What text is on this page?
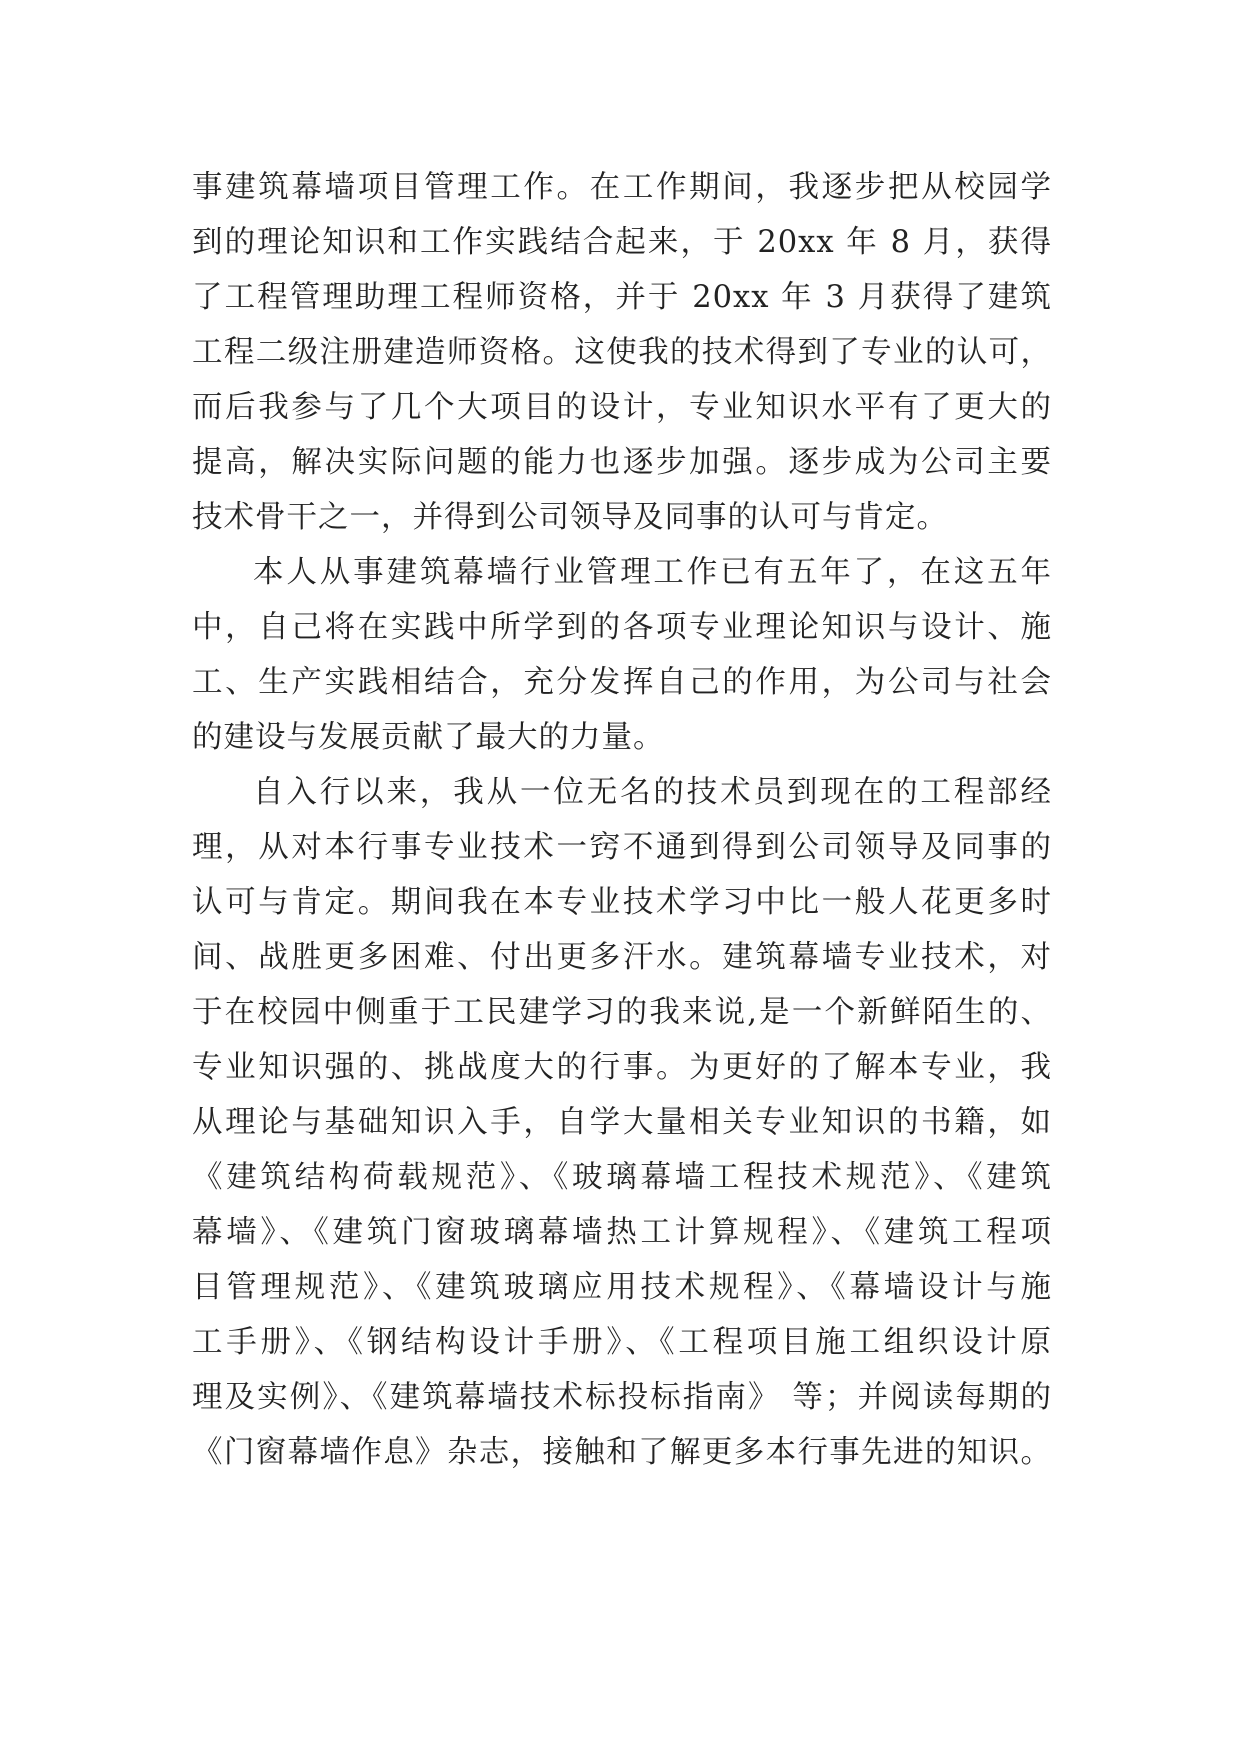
事建筑幕墙项目管理工作。在工作期间，我逐步把从校园学
到的理论知识和工作实践结合起来，于 20xx 年 8 月，获得
了工程管理助理工程师资格，并于 20xx 年 3 月获得了建筑
工程二级注册建造师资格。这使我的技术得到了专业的认可，
而后我参与了几个大项目的设计，专业知识水平有了更大的
提高，解决实际问题的能力也逐步加强。逐步成为公司主要
技术骨干之一，并得到公司领导及同事的认可与肯定。
本人从事建筑幕墙行业管理工作已有五年了，在这五年
中，自己将在实践中所学到的各项专业理论知识与设计、施
工、生产实践相结合，充分发挥自己的作用，为公司与社会
的建设与发展贡献了最大的力量。
自入行以来，我从一位无名的技术员到现在的工程部经
理，从对本行事专业技术一窍不通到得到公司领导及同事的
认可与肯定。期间我在本专业技术学习中比一般人花更多时
间、战胜更多困难、付出更多汗水。建筑幕墙专业技术，对
于在校园中侧重于工民建学习的我来说,是一个新鲜陌生的、
专业知识强的、挑战度大的行事。为更好的了解本专业，我
从理论与基础知识入手，自学大量相关专业知识的书籍，如
《建筑结构荷载规范》、《玻璃幕墙工程技术规范》、《建筑
幕墙》、《建筑门窗玻璃幕墙热工计算规程》、《建筑工程项
目管理规范》、《建筑玻璃应用技术规程》、《幕墙设计与施
工手册》、《钢结构设计手册》、《工程项目施工组织设计原
理及实例》、《建筑幕墙技术标投标指南》 等；并阅读每期的
《门窗幕墙作息》杂志，接触和了解更多本行事先进的知识。
